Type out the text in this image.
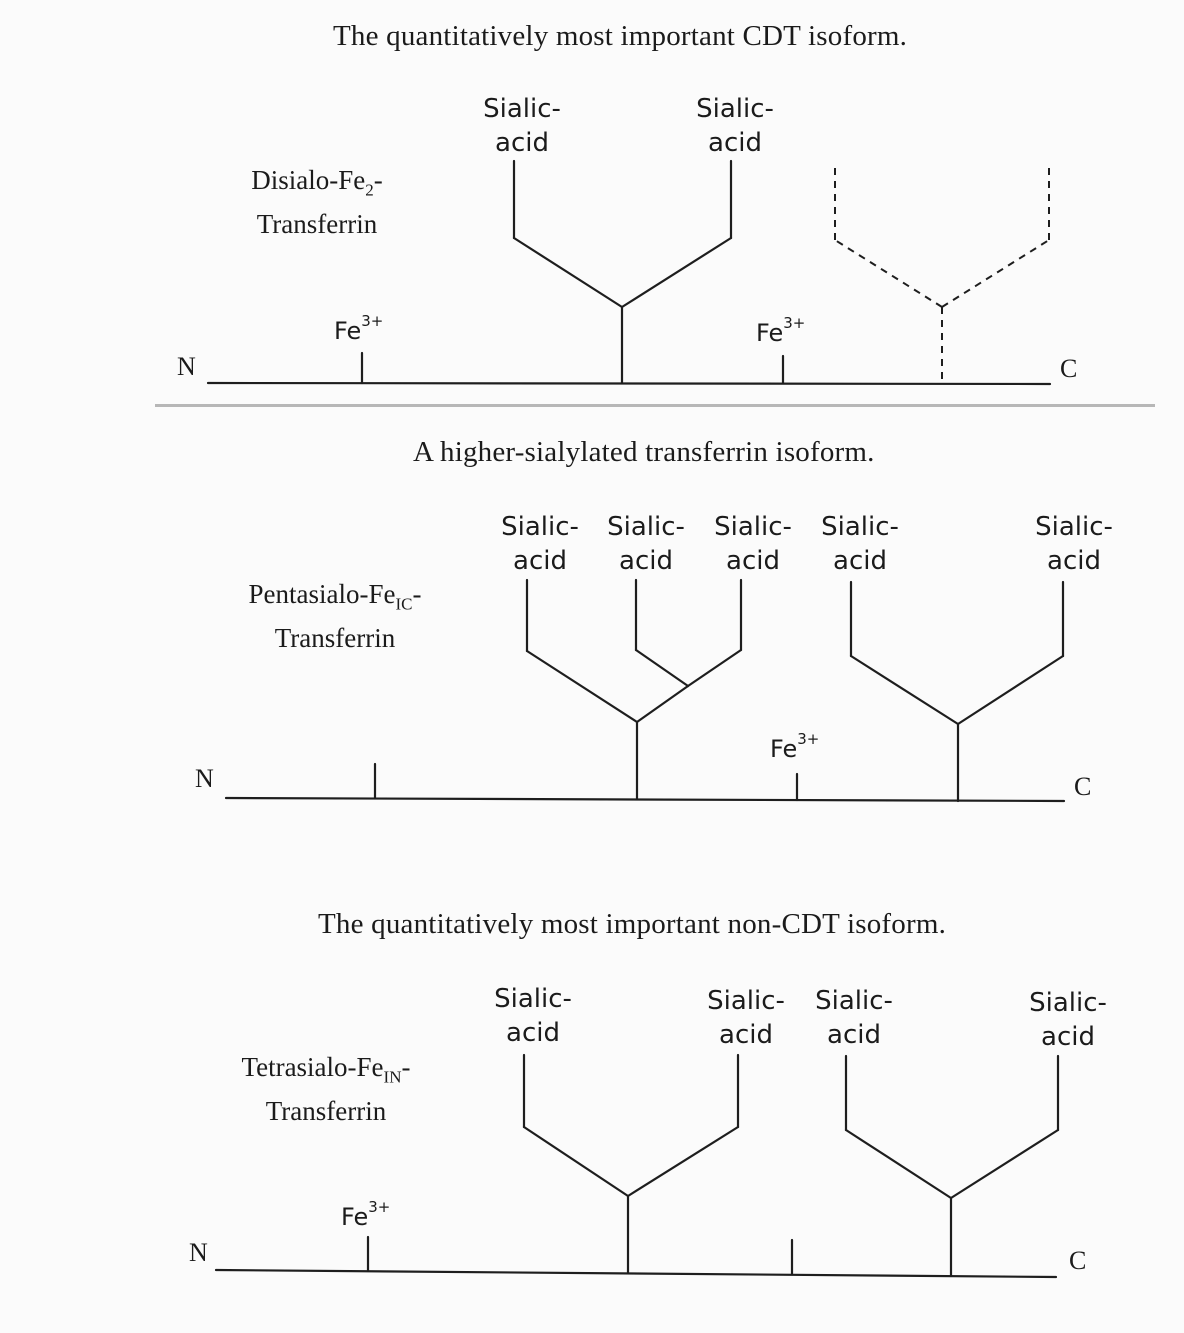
The quantitatively most important CDT isoform.
Disialo-$Fe_2-$
Transferrin
Sialic-
acid
Sialic-
acid
$Fe^{3+}$	$Fe^{3+}$
N	C
A higher-sialylated transferrin isoform.
Pentasialo-$Fe_{IC}-$
Transferrin
Sialic-
acid
Sialic-
acid
Sialic-
acid
Sialic-
acid
Sialic-
acid
$Fe^{3+}$
N	C
The quantitatively most important non-CDT isoform.
Tetrasialo-$Fe_{IN}-$
Transferrin
Sialic-
acid
Sialic-
acid
Sialic-
acid
Sialic-
acid
$Fe^{3+}$
N	C
